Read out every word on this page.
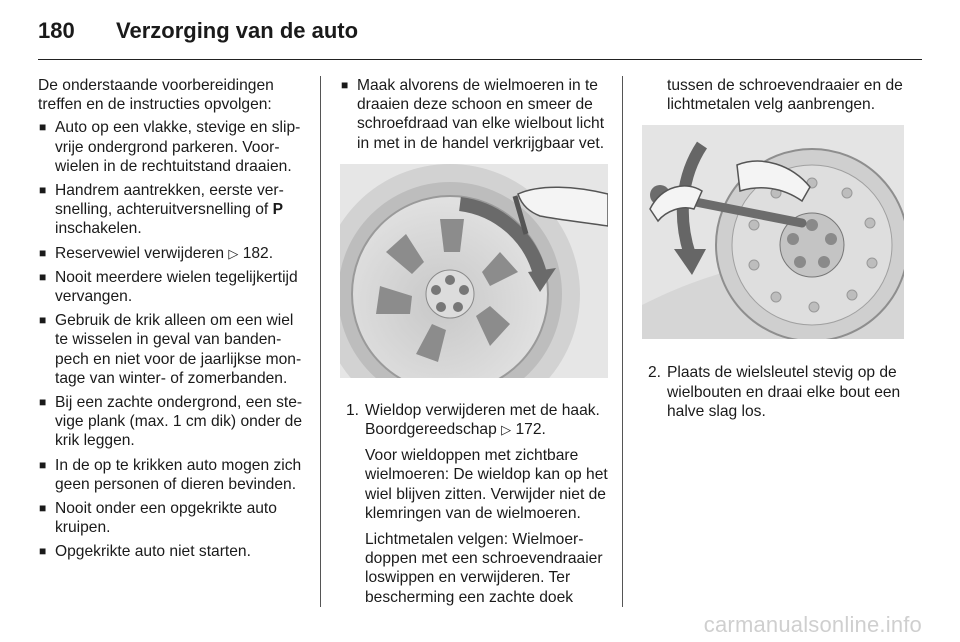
180	Verzorging van de auto

De onderstaande voorbereidingen treffen en de instructies opvolgen:

■ Auto op een vlakke, stevige en slipvrije ondergrond parkeren. Voorwielen in de rechtuitstand draaien.
■ Handrem aantrekken, eerste versnelling, achteruitversnelling of P inschakelen.
■ Reservewiel verwijderen ▷ 182.
■ Nooit meerdere wielen tegelijkertijd vervangen.
■ Gebruik de krik alleen om een wiel te wisselen in geval van bandenpech en niet voor de jaarlijkse montage van winter- of zomerbanden.
■ Bij een zachte ondergrond, een stevige plank (max. 1 cm dik) onder de krik leggen.
■ In de op te krikken auto mogen zich geen personen of dieren bevinden.
■ Nooit onder een opgekrikte auto kruipen.
■ Opgekrikte auto niet starten.
■ Maak alvorens de wielmoeren in te draaien deze schoon en smeer de schroefdraad van elke wielbout licht in met in de handel verkrijgbaar vet.
1. Wieldop verwijderen met de haak. Boordgereedschap ▷ 172.

Voor wieldoppen met zichtbare wielmoeren: De wieldop kan op het wiel blijven zitten. Verwijder niet de klemringen van de wielmoeren.

Lichtmetalen velgen: Wielmoerdoppen met een schroevendraaier loswippen en verwijderen. Ter bescherming een zachte doek

tussen de schroevendraaier en de lichtmetalen velg aanbrengen.

2. Plaats de wielsleutel stevig op de wielbouten en draai elke bout een halve slag los.

carmanualsonline.info
